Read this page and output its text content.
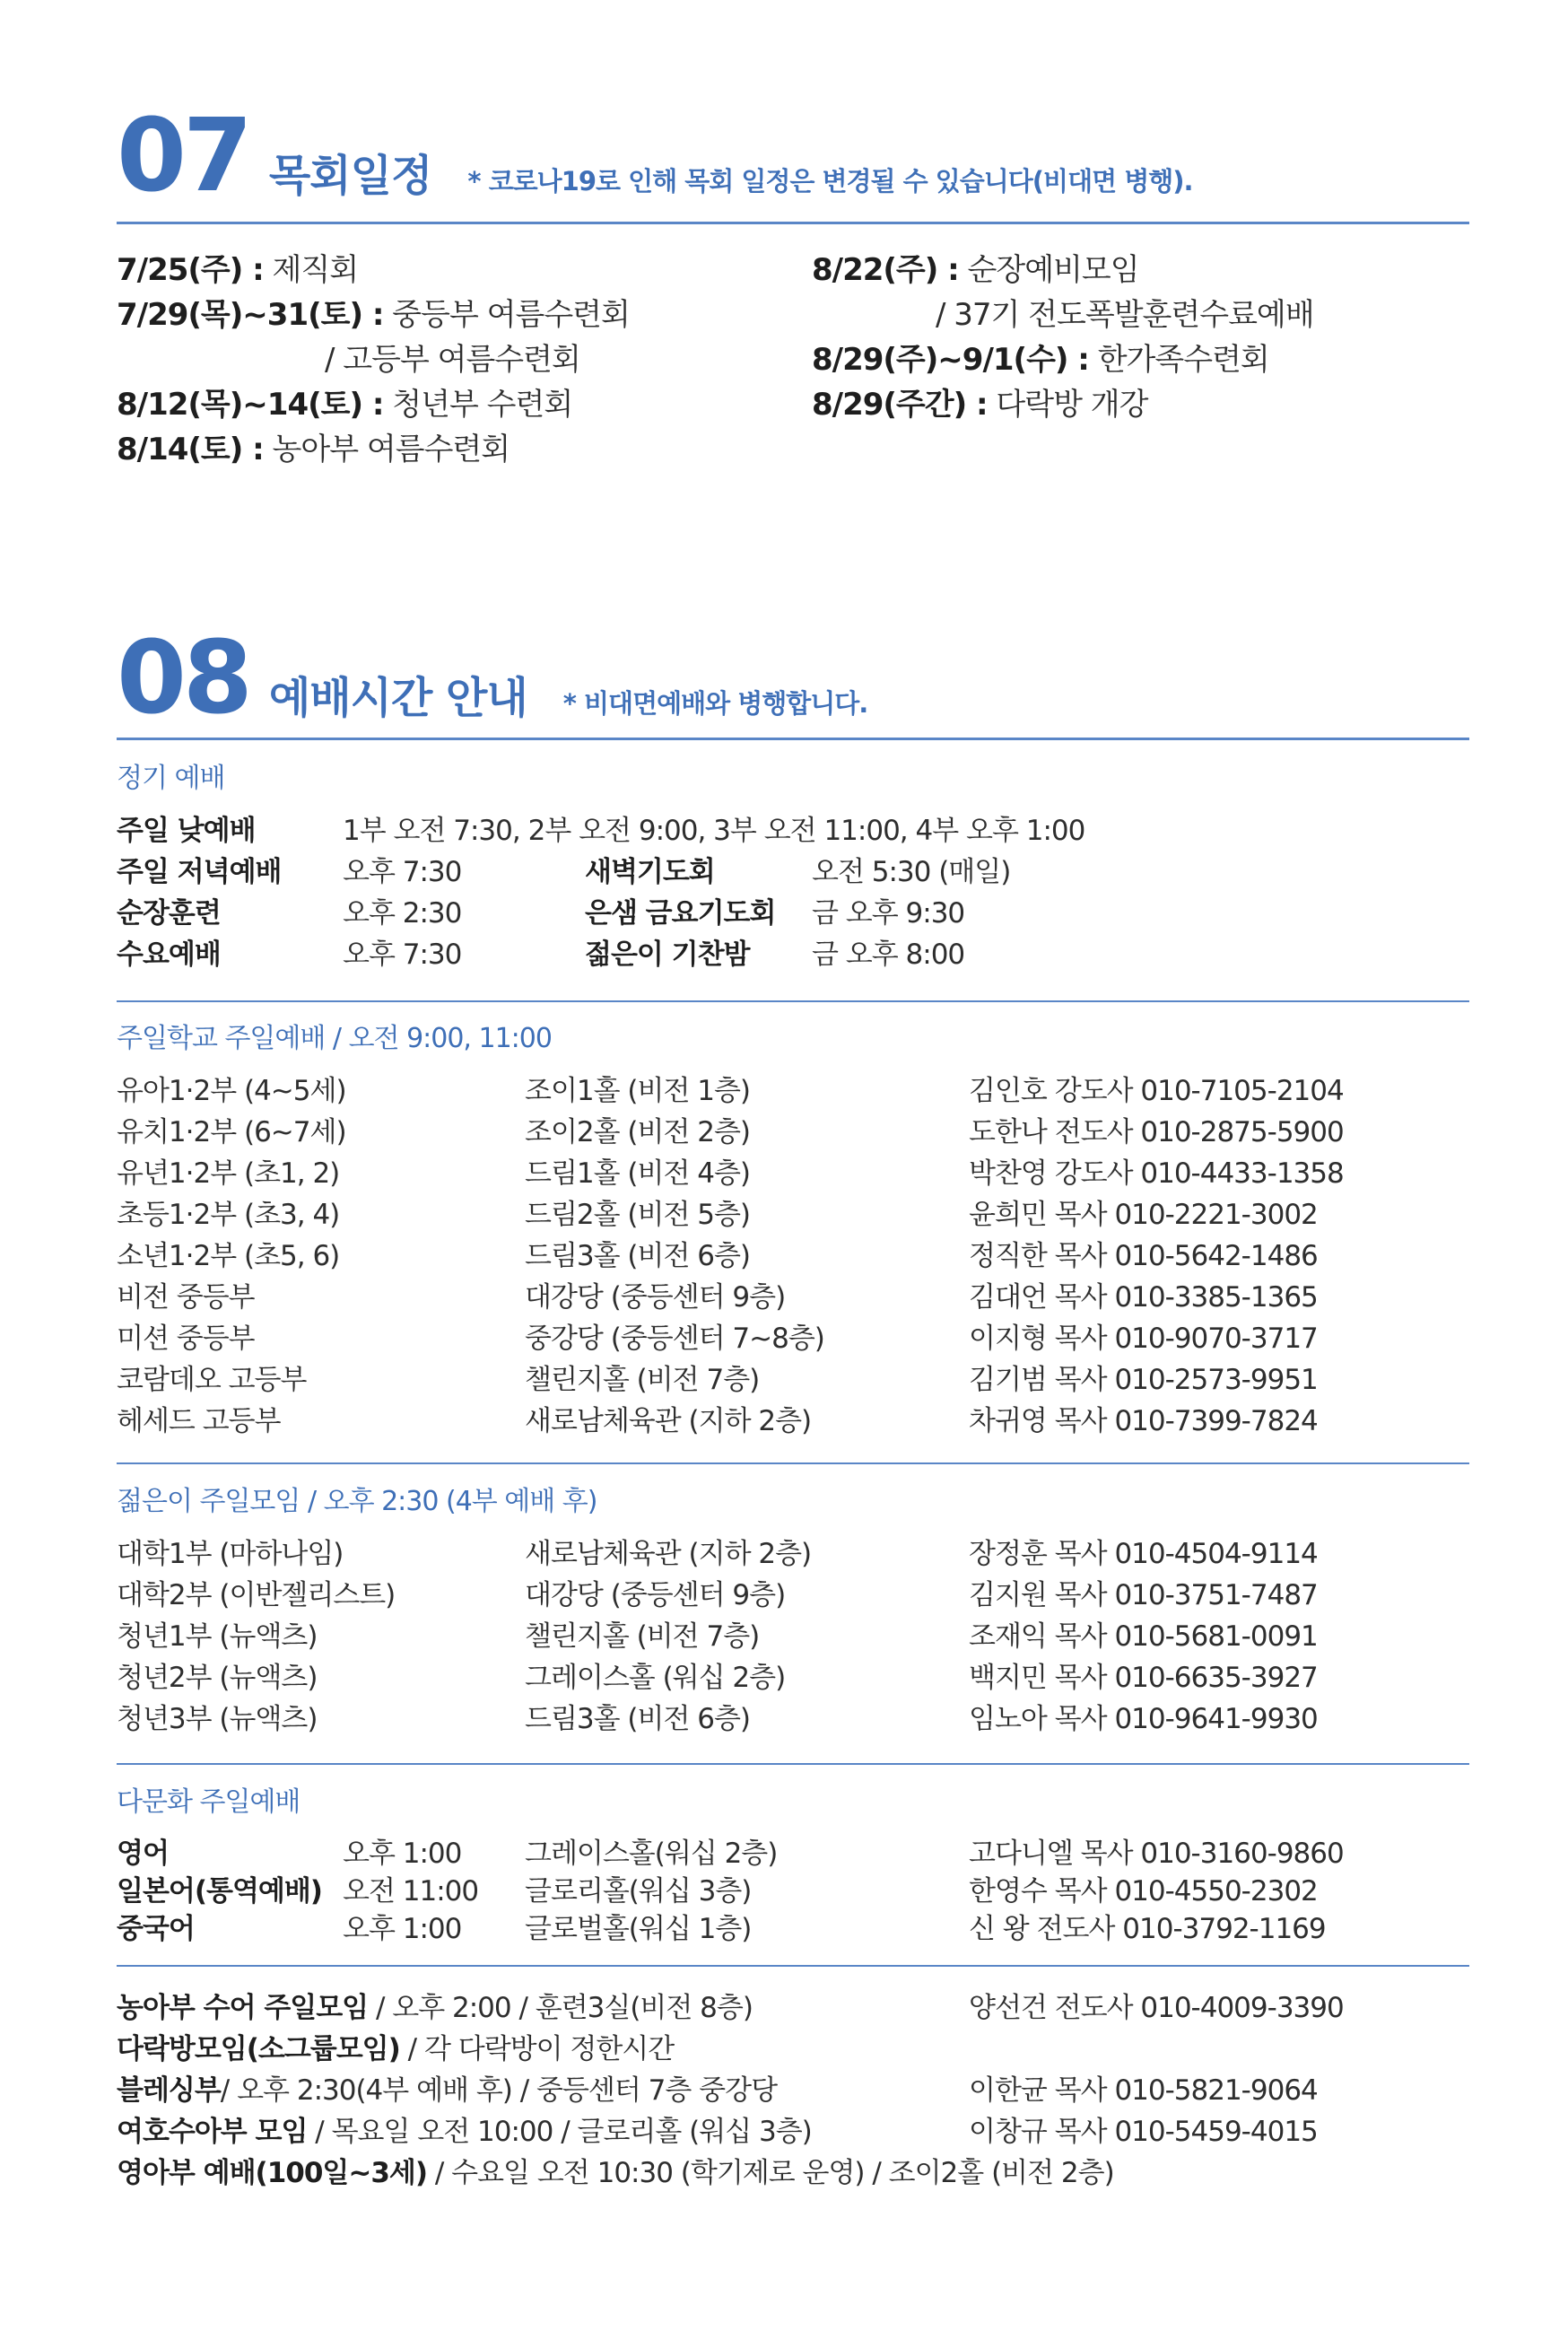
07 목회일정 * 코로나19로 인해 목회 일정은 변경될 수 있습니다(비대면 병행).
7/25(주) : 제직회
7/29(목)~31(토) : 중등부 여름수련회
/ 고등부 여름수련회
8/12(목)~14(토) : 청년부 수련회
8/14(토) : 농아부 여름수련회
8/22(주) : 순장예비모임
/ 37기 전도폭발훈련수료예배
8/29(주)~9/1(수) : 한가족수련회
8/29(주간) : 다락방 개강
08 예배시간 안내 * 비대면예배와 병행합니다.
정기 예배
주일 낮예배	1부 오전 7:30, 2부 오전 9:00, 3부 오전 11:00, 4부 오후 1:00
주일 저녁예배 오후 7:30	새벽기도회	오전 5:30 (매일)
순장훈련	오후 2:30	은샘 금요기도회 금 오후 9:30
수요예배	오후 7:30	젊은이 기찬밤 금 오후 8:00
주일학교 주일예배 / 오전 9:00, 11:00
유아1·2부 (4~5세)	조이1홀 (비전 1층)	김인호 강도사 010-7105-2104
유치1·2부 (6~7세)	조이2홀 (비전 2층)	도한나 전도사 010-2875-5900
유년1·2부 (초1, 2)	드림1홀 (비전 4층)	박찬영 강도사 010-4433-1358
초등1·2부 (초3, 4)	드림2홀 (비전 5층)	윤희민 목사 010-2221-3002
소년1·2부 (초5, 6)	드림3홀 (비전 6층)	정직한 목사 010-5642-1486
비전 중등부	대강당 (중등센터 9층)	김대언 목사 010-3385-1365
미션 중등부	중강당 (중등센터 7~8층)	이지형 목사 010-9070-3717
코람데오 고등부	챌린지홀 (비전 7층)	김기범 목사 010-2573-9951
헤세드 고등부	새로남체육관 (지하 2층)	차귀영 목사 010-7399-7824
젊은이 주일모임 / 오후 2:30 (4부 예배 후)
대학1부 (마하나임)	새로남체육관 (지하 2층)	장정훈 목사 010-4504-9114
대학2부 (이반젤리스트)	대강당 (중등센터 9층)	김지원 목사 010-3751-7487
청년1부 (뉴액츠)	챌린지홀 (비전 7층)	조재익 목사 010-5681-0091
청년2부 (뉴액츠)	그레이스홀 (워십 2층)	백지민 목사 010-6635-3927
청년3부 (뉴액츠)	드림3홀 (비전 6층)	임노아 목사 010-9641-9930
다문화 주일예배
영어	오후 1:00 그레이스홀(워십 2층)	고다니엘 목사 010-3160-9860
일본어(통역예배) 오전 11:00 글로리홀(워십 3층)	한영수 목사 010-4550-2302
중국어	오후 1:00 글로벌홀(워십 1층)	신 왕 전도사 010-3792-1169
농아부 수어 주일모임 / 오후 2:00 / 훈련3실(비전 8층)	양선건 전도사 010-4009-3390
다락방모임(소그룹모임) / 각 다락방이 정한시간
블레싱부/ 오후 2:30(4부 예배 후) / 중등센터 7층 중강당	이한균 목사 010-5821-9064
여호수아부 모임 / 목요일 오전 10:00 / 글로리홀 (워십 3층)	이창규 목사 010-5459-4015
영아부 예배(100일~3세) / 수요일 오전 10:30 (학기제로 운영) / 조이2홀 (비전 2층)
